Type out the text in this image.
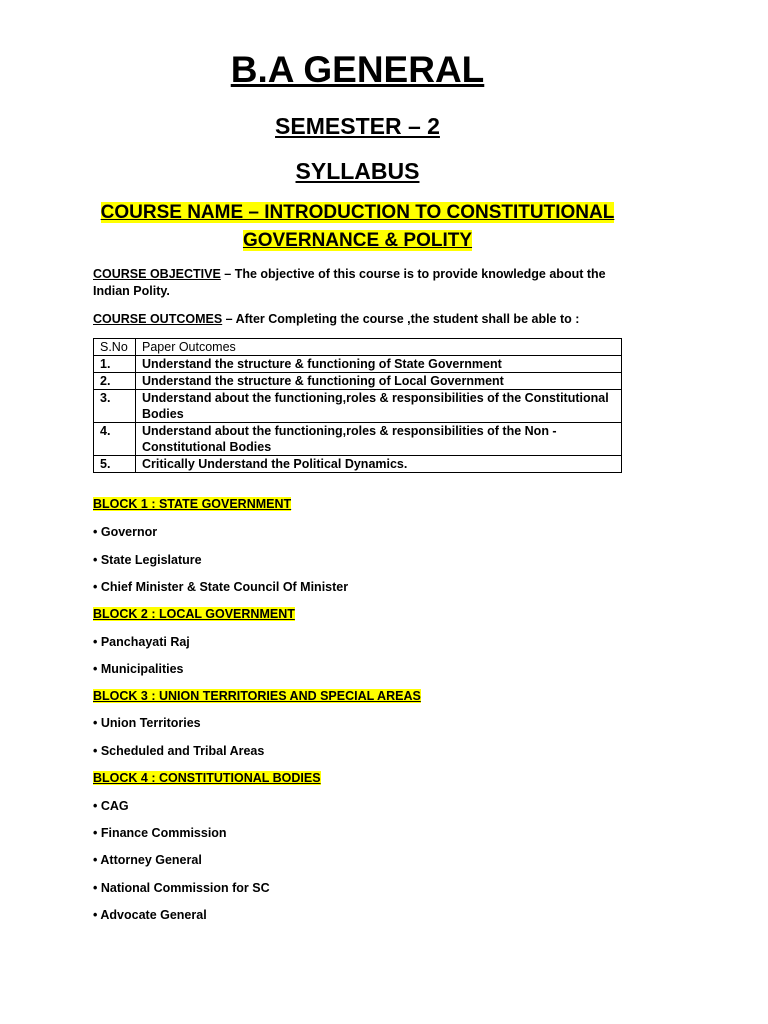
B.A GENERAL
SEMESTER – 2
SYLLABUS
COURSE NAME – INTRODUCTION TO CONSTITUTIONAL GOVERNANCE & POLITY
COURSE OBJECTIVE – The objective of this course is to provide knowledge about the Indian Polity.
COURSE OUTCOMES – After Completing the course ,the student shall be able to :
S.No	Paper Outcomes
1.	Understand the structure & functioning of State Government
2.	Understand the structure & functioning of Local Government
3.	Understand about the functioning,roles & responsibilities of the Constitutional Bodies
4.	Understand about the functioning,roles & responsibilities of the Non - Constitutional Bodies
5.	Critically Understand the Political Dynamics.
BLOCK 1 : STATE GOVERNMENT
• Governor
• State Legislature
• Chief Minister & State Council Of Minister
BLOCK 2 : LOCAL GOVERNMENT
• Panchayati Raj
• Municipalities
BLOCK 3 : UNION TERRITORIES AND SPECIAL AREAS
• Union Territories
• Scheduled and Tribal Areas
BLOCK 4 : CONSTITUTIONAL BODIES
• CAG
• Finance Commission
• Attorney General
• National Commission for SC
• Advocate General
